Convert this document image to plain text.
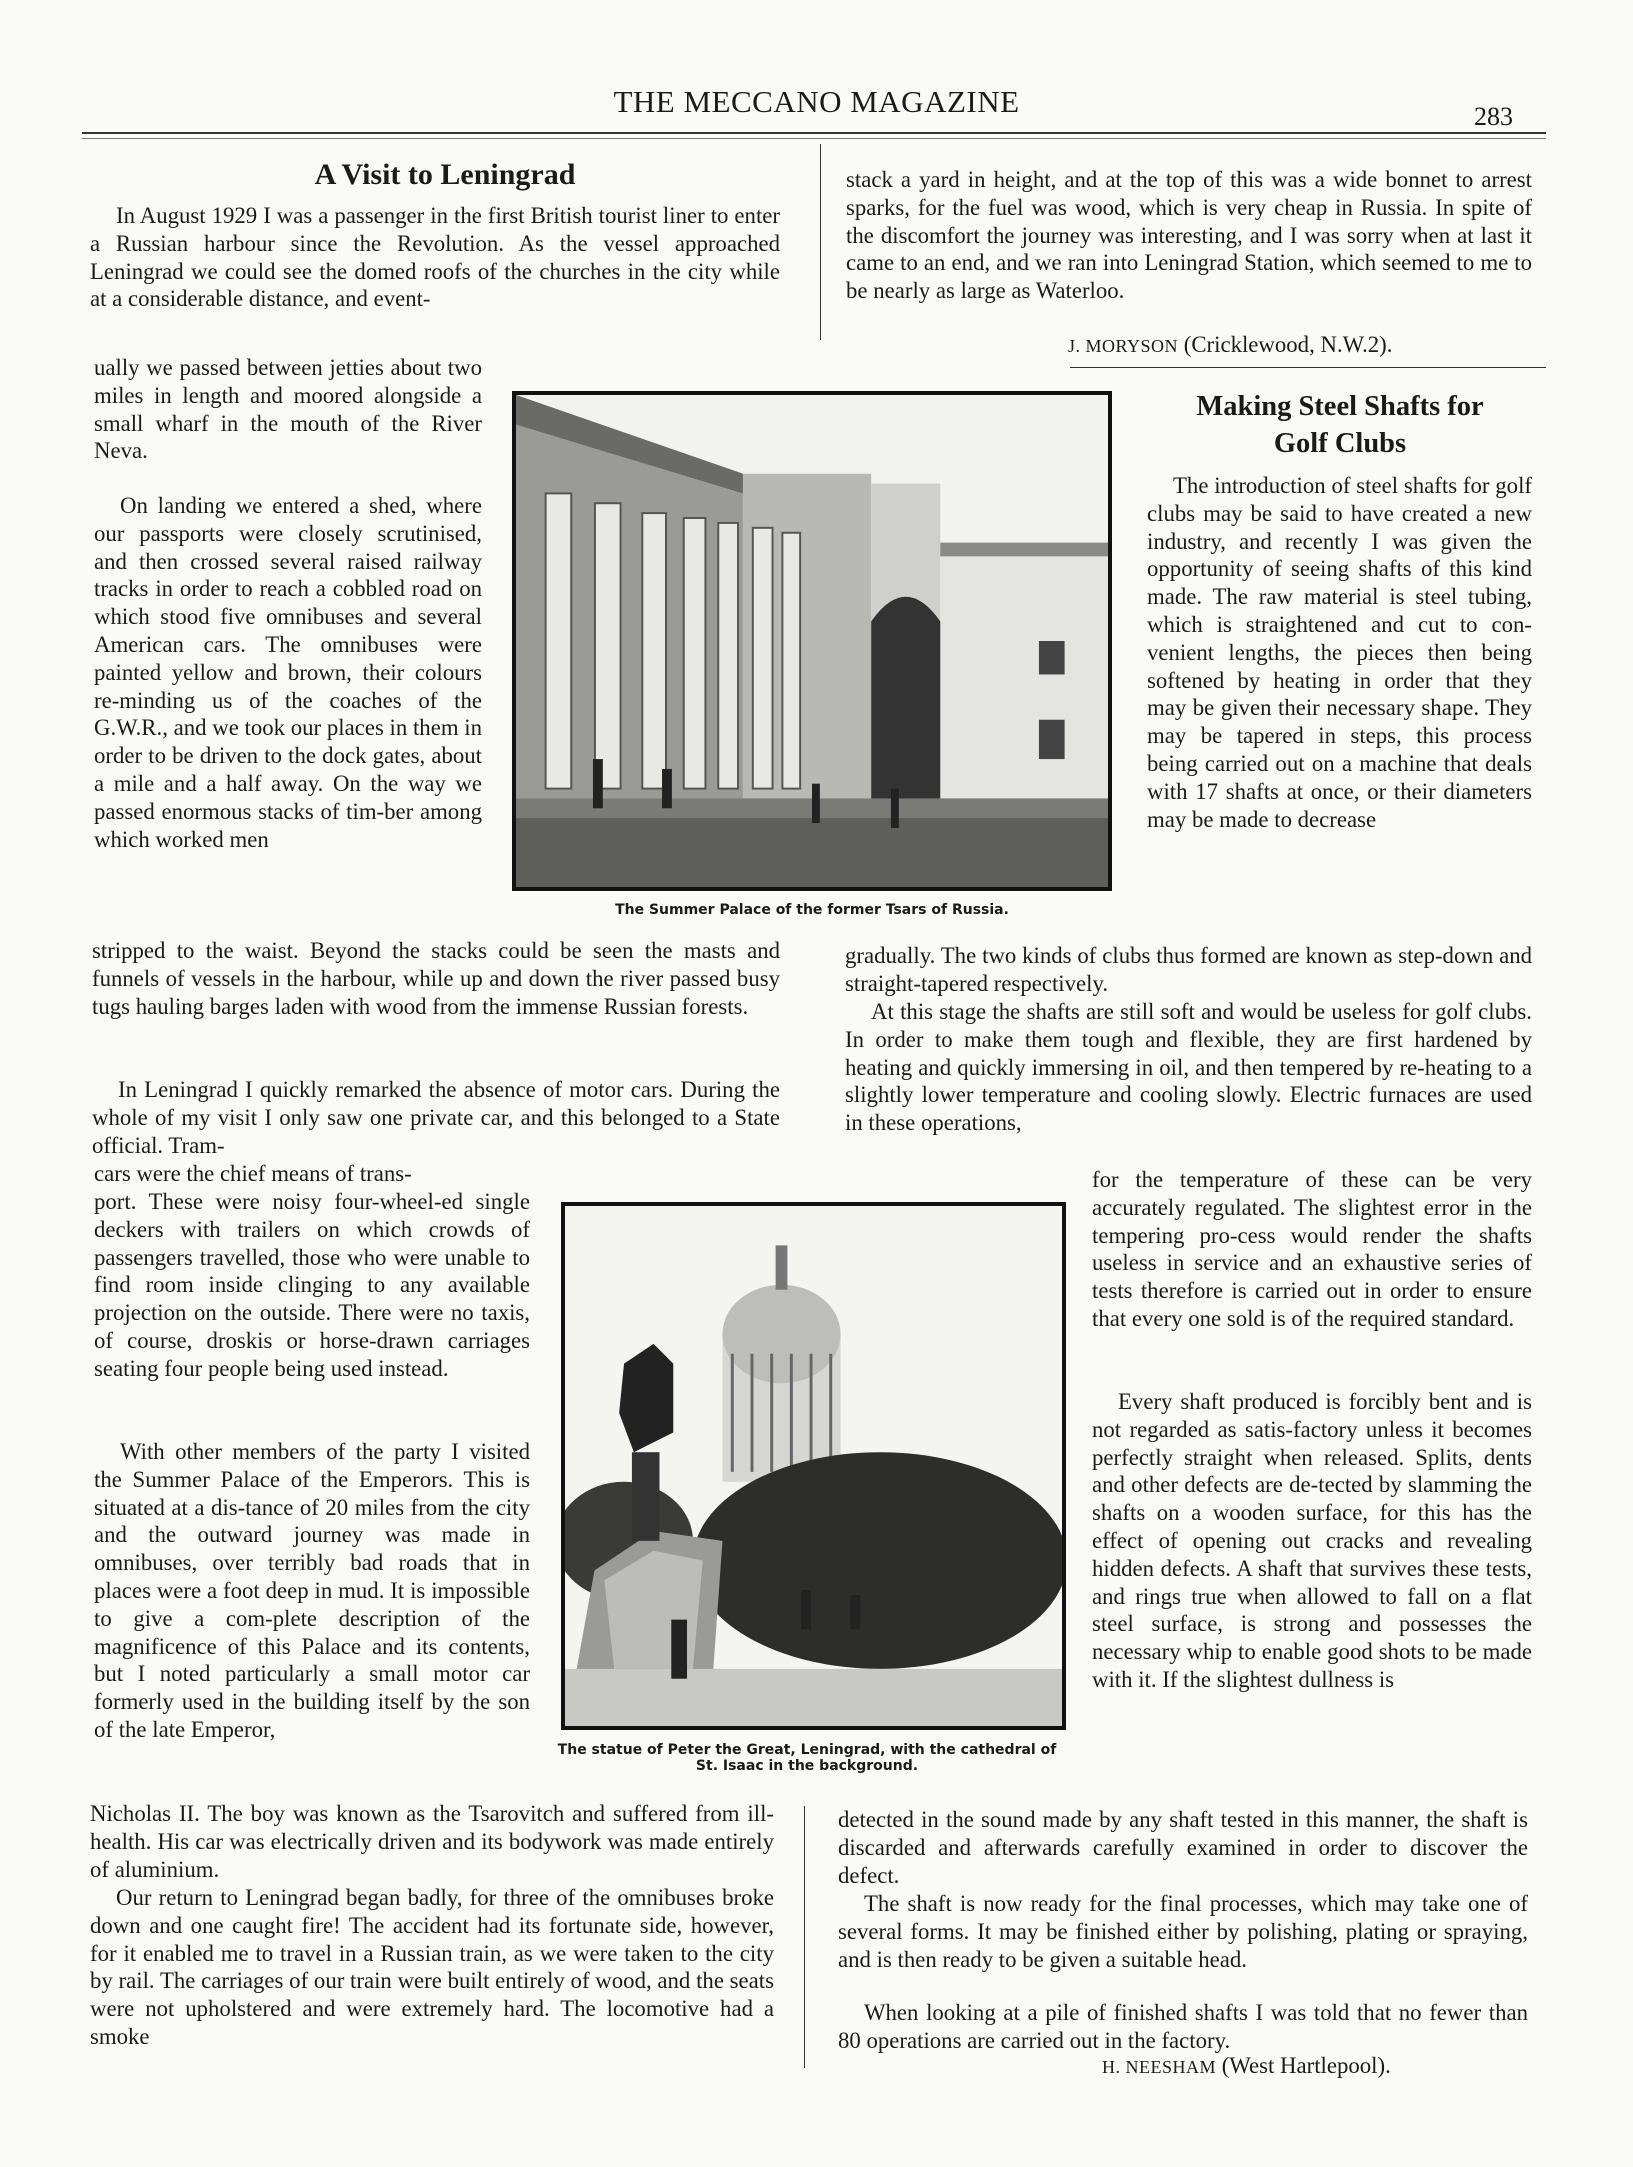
THE MECCANO MAGAZINE	283
A Visit to Leningrad

In August 1929 I was a passenger in the first British tourist liner to enter a Russian harbour since the Revolution. As the vessel approached Leningrad we could see the domed roofs of the churches in the city while at a considerable distance, and event-

ually we passed between jetties about two miles in length and moored alongside a small wharf in the mouth of the River Neva.

On landing we entered a shed, where our passports were closely scrutinised, and then crossed several raised railway tracks in order to reach a cobbled road on which stood five omnibuses and several American cars. The omnibuses were painted yellow and brown, their colours re-minding us of the coaches of the G.W.R., and we took our places in them in order to be driven to the dock gates, about a mile and a half away. On the way we passed enormous stacks of tim-ber among which worked men

stripped to the waist. Beyond the stacks could be seen the masts and funnels of vessels in the harbour, while up and down the river passed busy tugs hauling barges laden with wood from the immense Russian forests.

In Leningrad I quickly remarked the absence of motor cars. During the whole of my visit I only saw one private car, and this belonged to a State official. Tram-

cars were the chief means of trans-

port. These were noisy four-wheel-ed single deckers with trailers on which crowds of passengers travelled, those who were unable to find room inside clinging to any available projection on the outside. There were no taxis, of course, droskis or horse-drawn carriages seating four people being used instead.

With other members of the party I visited the Summer Palace of the Emperors. This is situated at a dis-tance of 20 miles from the city and the outward journey was made in omnibuses, over terribly bad roads that in places were a foot deep in mud. It is impossible to give a com-plete description of the magnificence of this Palace and its contents, but I noted particularly a small motor car formerly used in the building itself by the son of the late Emperor,

Nicholas II. The boy was known as the Tsarovitch and suffered from ill-health. His car was electrically driven and its bodywork was made entirely of aluminium.

Our return to Leningrad began badly, for three of the omnibuses broke down and one caught fire! The accident had its fortunate side, however, for it enabled me to travel in a Russian train, as we were taken to the city by rail. The carriages of our train were built entirely of wood, and the seats were not upholstered and were extremely hard. The locomotive had a smoke

stack a yard in height, and at the top of this was a wide bonnet to arrest sparks, for the fuel was wood, which is very cheap in Russia. In spite of the discomfort the journey was interesting, and I was sorry when at last it came to an end, and we ran into Leningrad Station, which seemed to me to be nearly as large as Waterloo.

J. MORYSON (Cricklewood, N.W.2).
The Summer Palace of the former Tsars of Russia.
The statue of Peter the Great, Leningrad, with the cathedral of St. Isaac in the background.
Making Steel Shafts for
Golf Clubs

The introduction of steel shafts for golf clubs may be said to have created a new industry, and recently I was given the opportunity of seeing shafts of this kind made. The raw material is steel tubing, which is straightened and cut to con-venient lengths, the pieces then being softened by heating in order that they may be given their necessary shape. They may be tapered in steps, this process being carried out on a machine that deals with 17 shafts at once, or their diameters may be made to decrease

gradually. The two kinds of clubs thus formed are known as step-down and straight-tapered respectively.

At this stage the shafts are still soft and would be useless for golf clubs. In order to make them tough and flexible, they are first hardened by heating and quickly immersing in oil, and then tempered by re-heating to a slightly lower temperature and cooling slowly. Electric furnaces are used in these operations,

for the temperature of these can be very accurately regulated. The slightest error in the tempering pro-cess would render the shafts useless in service and an exhaustive series of tests therefore is carried out in order to ensure that every one sold is of the required standard.

Every shaft produced is forcibly bent and is not regarded as satis-factory unless it becomes perfectly straight when released. Splits, dents and other defects are de-tected by slamming the shafts on a wooden surface, for this has the effect of opening out cracks and revealing hidden defects. A shaft that survives these tests, and rings true when allowed to fall on a flat steel surface, is strong and possesses the necessary whip to enable good shots to be made with it. If the slightest dullness is

detected in the sound made by any shaft tested in this manner, the shaft is discarded and afterwards carefully examined in order to discover the defect.

The shaft is now ready for the final processes, which may take one of several forms. It may be finished either by polishing, plating or spraying, and is then ready to be given a suitable head.

When looking at a pile of finished shafts I was told that no fewer than 80 operations are carried out in the factory.

H. NEESHAM (West Hartlepool).
